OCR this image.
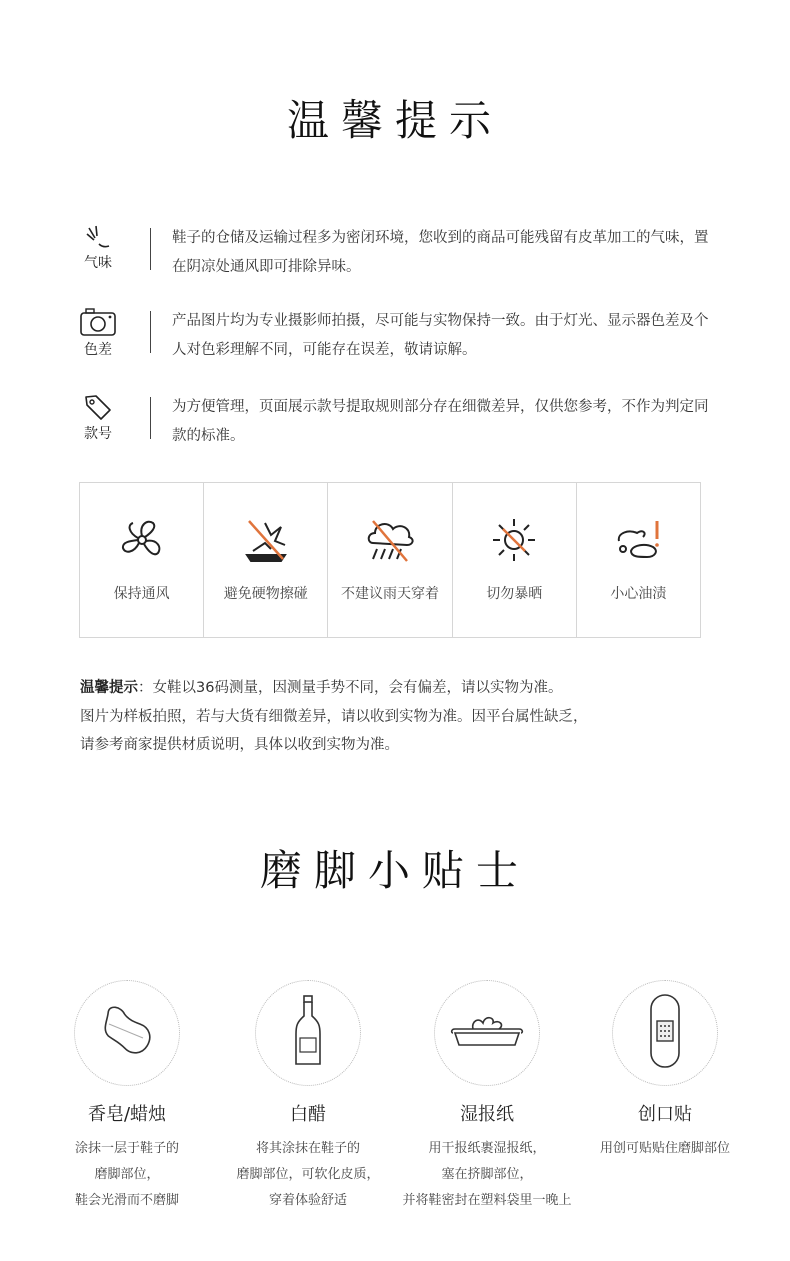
温馨提示
气味
鞋子的仓储及运输过程多为密闭环境，您收到的商品可能残留有皮革加工的气味，置在阴凉处通风即可排除异味。
色差
产品图片均为专业摄影师拍摄，尽可能与实物保持一致。由于灯光、显示器色差及个人对色彩理解不同，可能存在误差，敬请谅解。
款号
为方便管理，页面展示款号提取规则部分存在细微差异，仅供您参考，不作为判定同款的标准。
保持通风	避免硬物擦碰 不建议雨天穿着	切勿暴晒	小心油渍
温馨提示：女鞋以36码测量，因测量手势不同，会有偏差，请以实物为准。
图片为样板拍照，若与大货有细微差异，请以收到实物为准。因平台属性缺乏，
请参考商家提供材质说明，具体以收到实物为准。
磨脚小贴士
香皂/蜡烛
涂抹一层于鞋子的
磨脚部位，
鞋会光滑而不磨脚
白醋
将其涂抹在鞋子的
磨脚部位，可软化皮质，
穿着体验舒适
湿报纸
用干报纸裹湿报纸，
塞在挤脚部位，
并将鞋密封在塑料袋里一晚上
创口贴
用创可贴贴住磨脚部位
